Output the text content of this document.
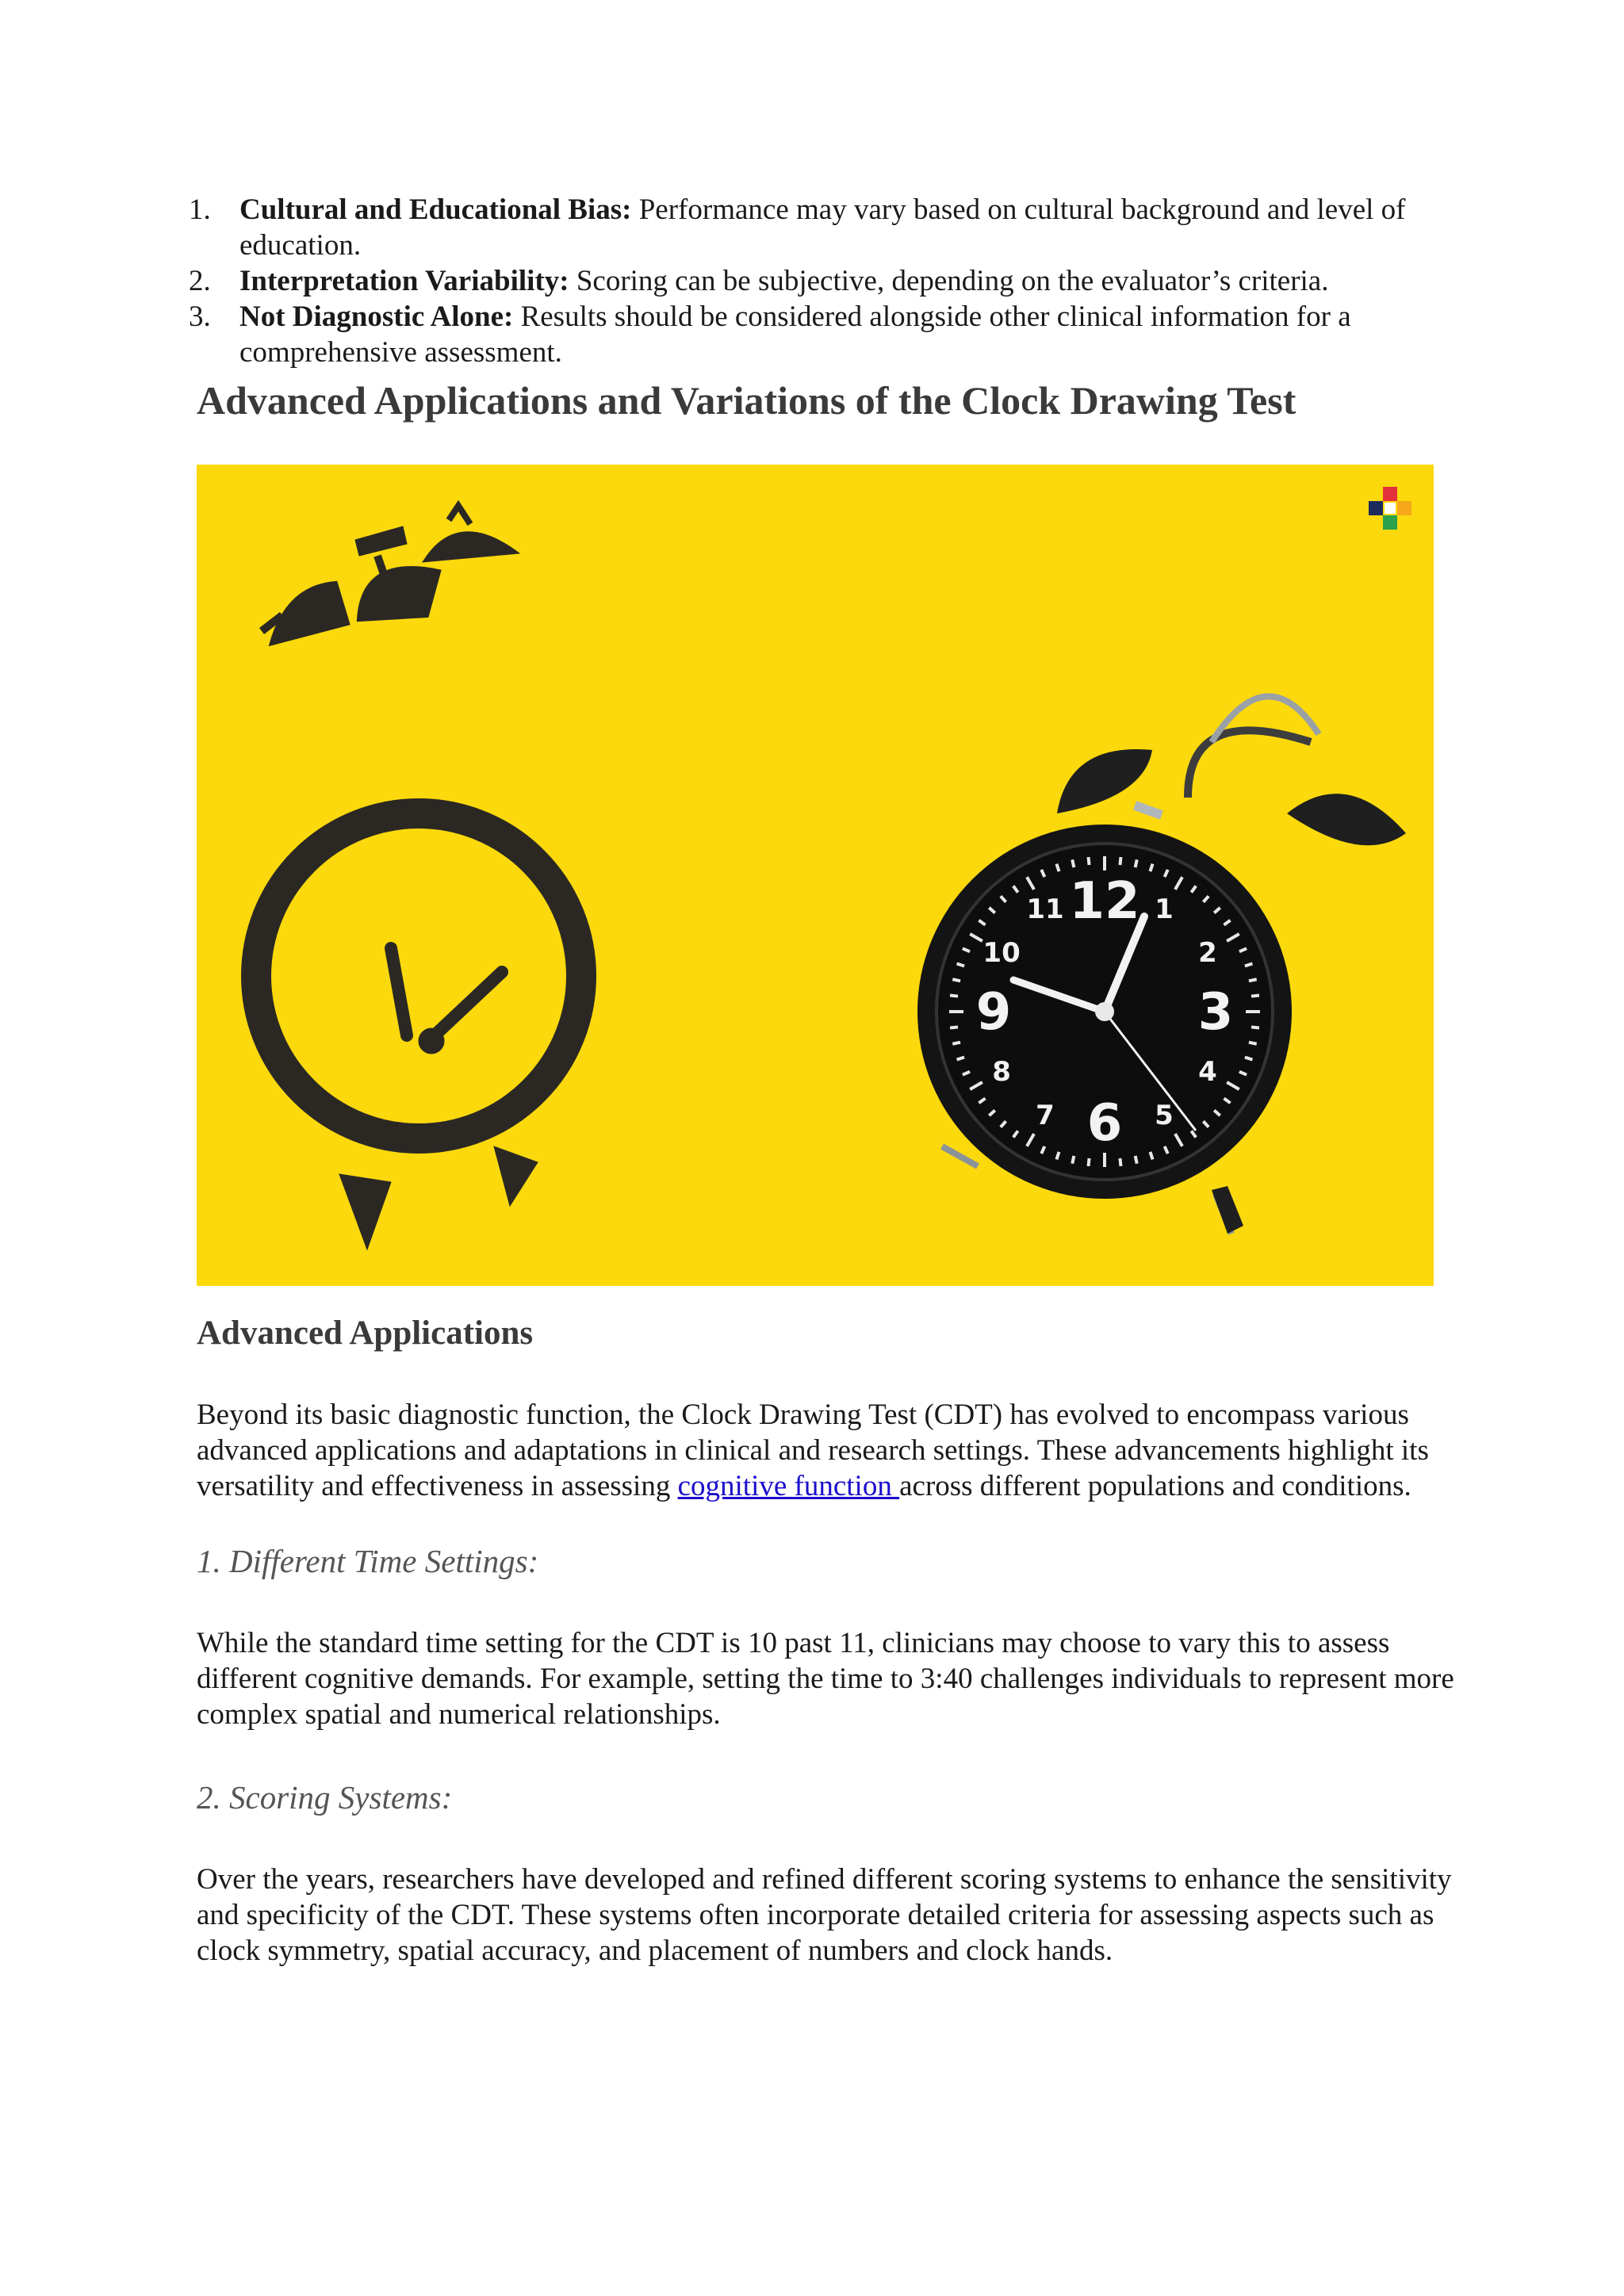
1. Cultural and Educational Bias: Performance may vary based on cultural background and level of education.
2. Interpretation Variability: Scoring can be subjective, depending on the evaluator’s criteria.
3. Not Diagnostic Alone: Results should be considered alongside other clinical information for a comprehensive assessment.
Advanced Applications and Variations of the Clock Drawing Test
12 1
2
3
4
5
6
7
8
9
10
11
Advanced Applications

Beyond its basic diagnostic function, the Clock Drawing Test (CDT) has evolved to encompass various advanced applications and adaptations in clinical and research settings. These advancements highlight its versatility and effectiveness in assessing cognitive function across different populations and conditions.

1. Different Time Settings:

While the standard time setting for the CDT is 10 past 11, clinicians may choose to vary this to assess different cognitive demands. For example, setting the time to 3:40 challenges individuals to represent more complex spatial and numerical relationships.

2. Scoring Systems:

Over the years, researchers have developed and refined different scoring systems to enhance the sensitivity and specificity of the CDT. These systems often incorporate detailed criteria for assessing aspects such as clock symmetry, spatial accuracy, and placement of numbers and clock hands.
